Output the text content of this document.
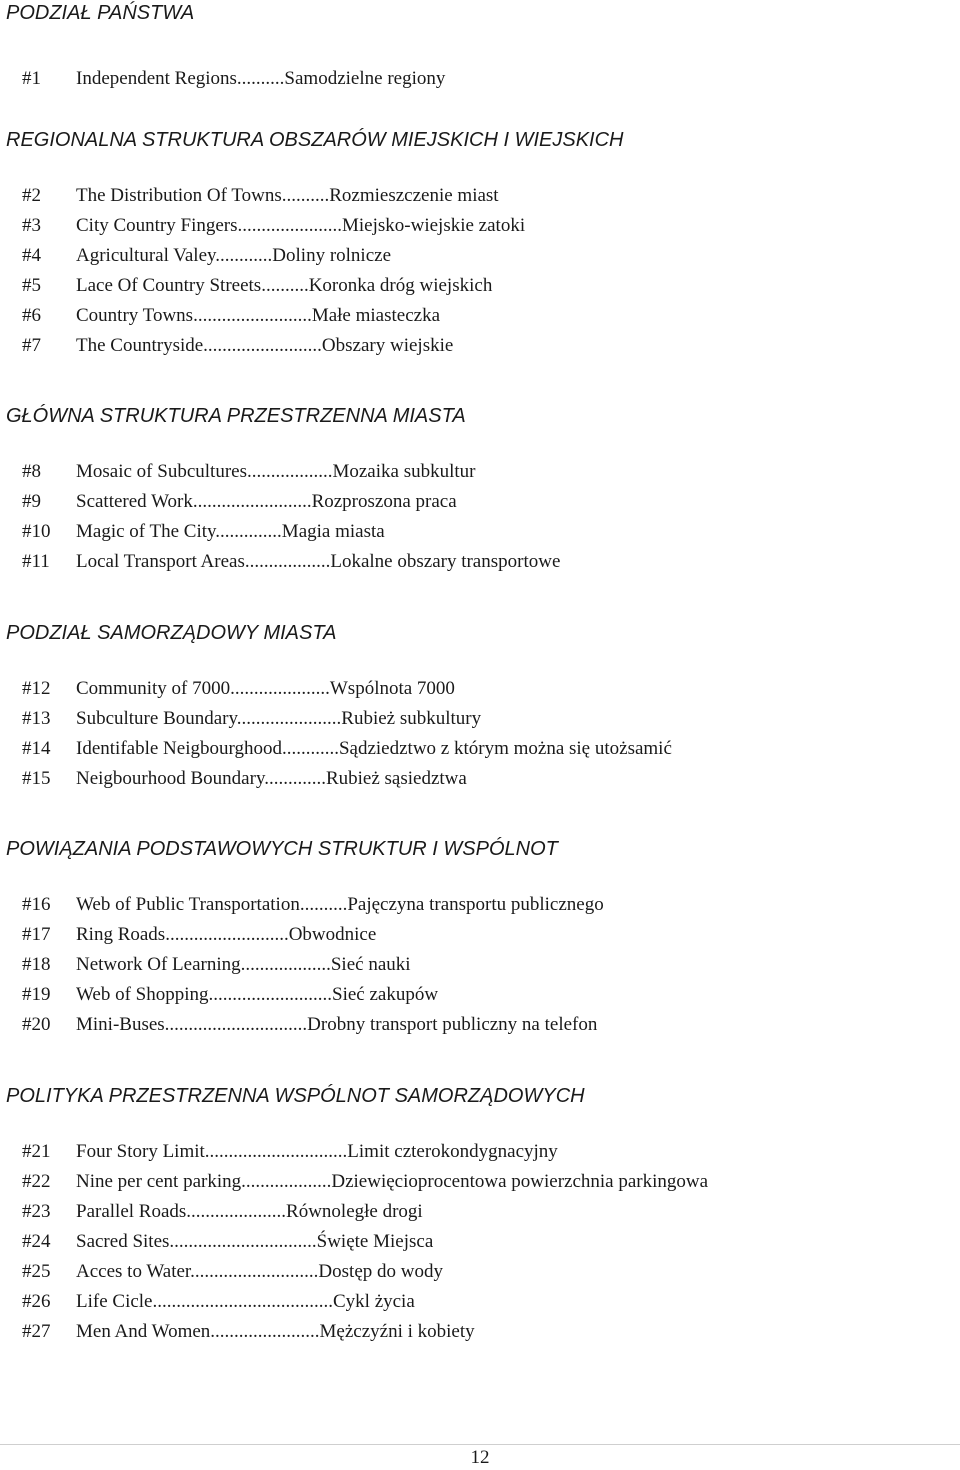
PODZIAŁ PAŃSTWA
#1 Independent Regions..........Samodzielne regiony
REGIONALNA STRUKTURA OBSZARÓW MIEJSKICH I WIEJSKICH
#2 The Distribution Of Towns..........Rozmieszczenie miast
#3 City Country Fingers......................Miejsko-wiejskie zatoki
#4 Agricultural Valey............Doliny rolnicze
#5 Lace Of Country Streets..........Koronka dróg wiejskich
#6 Country Towns.........................Małe miasteczka
#7 The Countryside.........................Obszary wiejskie
GŁÓWNA STRUKTURA PRZESTRZENNA MIASTA
#8 Mosaic of Subcultures..................Mozaika subkultur
#9 Scattered Work.........................Rozproszona praca
#10 Magic of The City..............Magia miasta
#11 Local Transport Areas..................Lokalne obszary transportowe
PODZIAŁ SAMORZĄDOWY MIASTA
#12 Community of 7000.....................Wspólnota 7000
#13 Subculture Boundary......................Rubież subkultury
#14 Identifable Neigbourghood............Sądziedztwo z którym można się utożsamić
#15 Neigbourhood Boundary.............Rubież sąsiedztwa
POWIĄZANIA PODSTAWOWYCH STRUKTUR I WSPÓLNOT
#16 Web of Public Transportation..........Pajęczyna transportu publicznego
#17 Ring Roads..........................Obwodnice
#18 Network Of Learning...................Sieć nauki
#19 Web of Shopping..........................Sieć zakupów
#20 Mini-Buses..............................Drobny transport publiczny na telefon
POLITYKA PRZESTRZENNA WSPÓLNOT SAMORZĄDOWYCH
#21 Four Story Limit..............................Limit czterokondygnacyjny
#22 Nine per cent parking...................Dziewięcioprocentowa powierzchnia parkingowa
#23 Parallel Roads.....................Równoległe drogi
#24 Sacred Sites...............................Święte Miejsca
#25 Acces to Water...........................Dostęp do wody
#26 Life Cicle......................................Cykl życia
#27 Men And Women.......................Mężczyźni i kobiety
12
